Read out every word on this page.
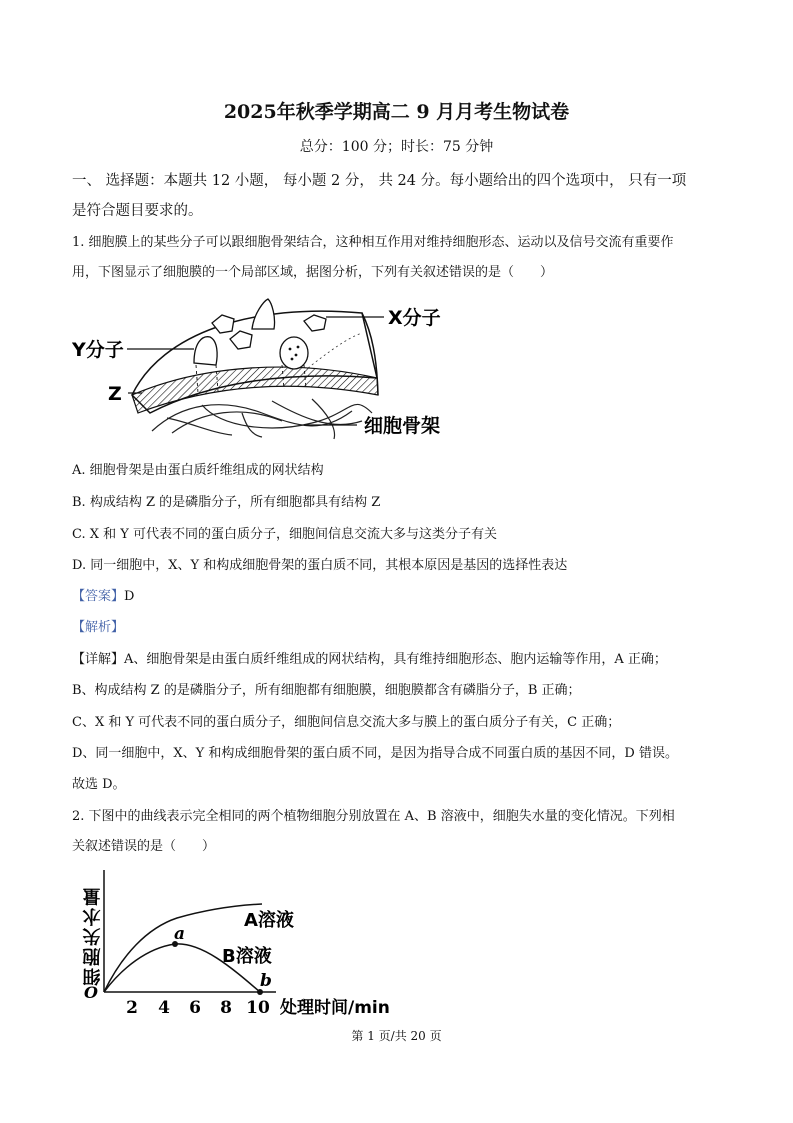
2025年秋季学期高二 9 月月考生物试卷
总分：100 分；时长：75 分钟
一、 选择题：本题共 12 小题， 每小题 2 分， 共 24 分。每小题给出的四个选项中， 只有一项
是符合题目要求的。
1. 细胞膜上的某些分子可以跟细胞骨架结合，这种相互作用对维持细胞形态、运动以及信号交流有重要作
用，下图显示了细胞膜的一个局部区域，据图分析，下列有关叙述错误的是（　　）
X分子
Y分子
Z
细胞骨架
A. 细胞骨架是由蛋白质纤维组成的网状结构
B. 构成结构 Z 的是磷脂分子，所有细胞都具有结构 Z
C. X 和 Y 可代表不同的蛋白质分子，细胞间信息交流大多与这类分子有关
D. 同一细胞中，X、Y 和构成细胞骨架的蛋白质不同，其根本原因是基因的选择性表达
【答案】D
【解析】
【详解】A、细胞骨架是由蛋白质纤维组成的网状结构，具有维持细胞形态、胞内运输等作用，A 正确；
B、构成结构 Z 的是磷脂分子，所有细胞都有细胞膜，细胞膜都含有磷脂分子，B 正确；
C、X 和 Y 可代表不同的蛋白质分子，细胞间信息交流大多与膜上的蛋白质分子有关，C 正确；
D、同一细胞中，X、Y 和构成细胞骨架的蛋白质不同，是因为指导合成不同蛋白质的基因不同，D 错误。
故选 D。
2. 下图中的曲线表示完全相同的两个植物细胞分别放置在 A、B 溶液中，细胞失水量的变化情况。下列相
关叙述错误的是（　　）
细胞失水量
O
2 4 6 8 10 处理时间/min
a
b
A溶液
B溶液
第 1 页/共 20 页
